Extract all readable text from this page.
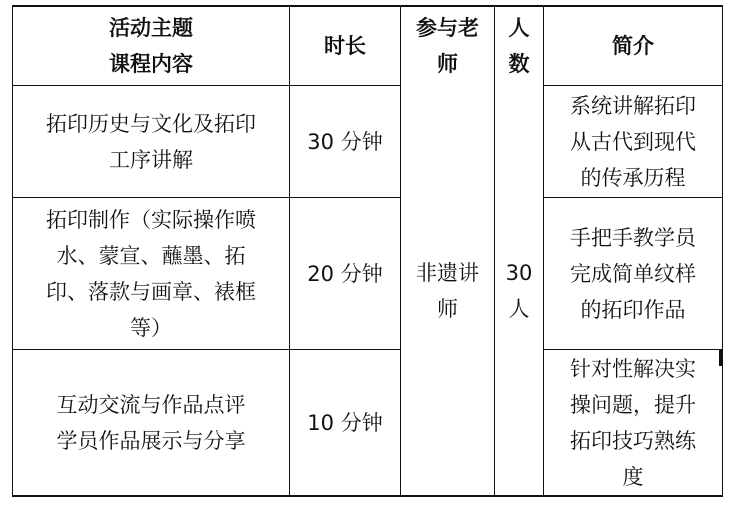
活动主题
课程内容
时长
参与老
师
人
数
简介
拓印历史与文化及拓印
工序讲解
30 分钟
系统讲解拓印
从古代到现代
的传承历程
拓印制作（实际操作喷
水、蒙宣、蘸墨、拓
印、落款与画章、裱框
等）
20 分钟
手把手教学员
完成简单纹样
的拓印作品
互动交流与作品点评
学员作品展示与分享
10 分钟
针对性解决实
操问题，提升
拓印技巧熟练
度
非遗讲
师
30
人
